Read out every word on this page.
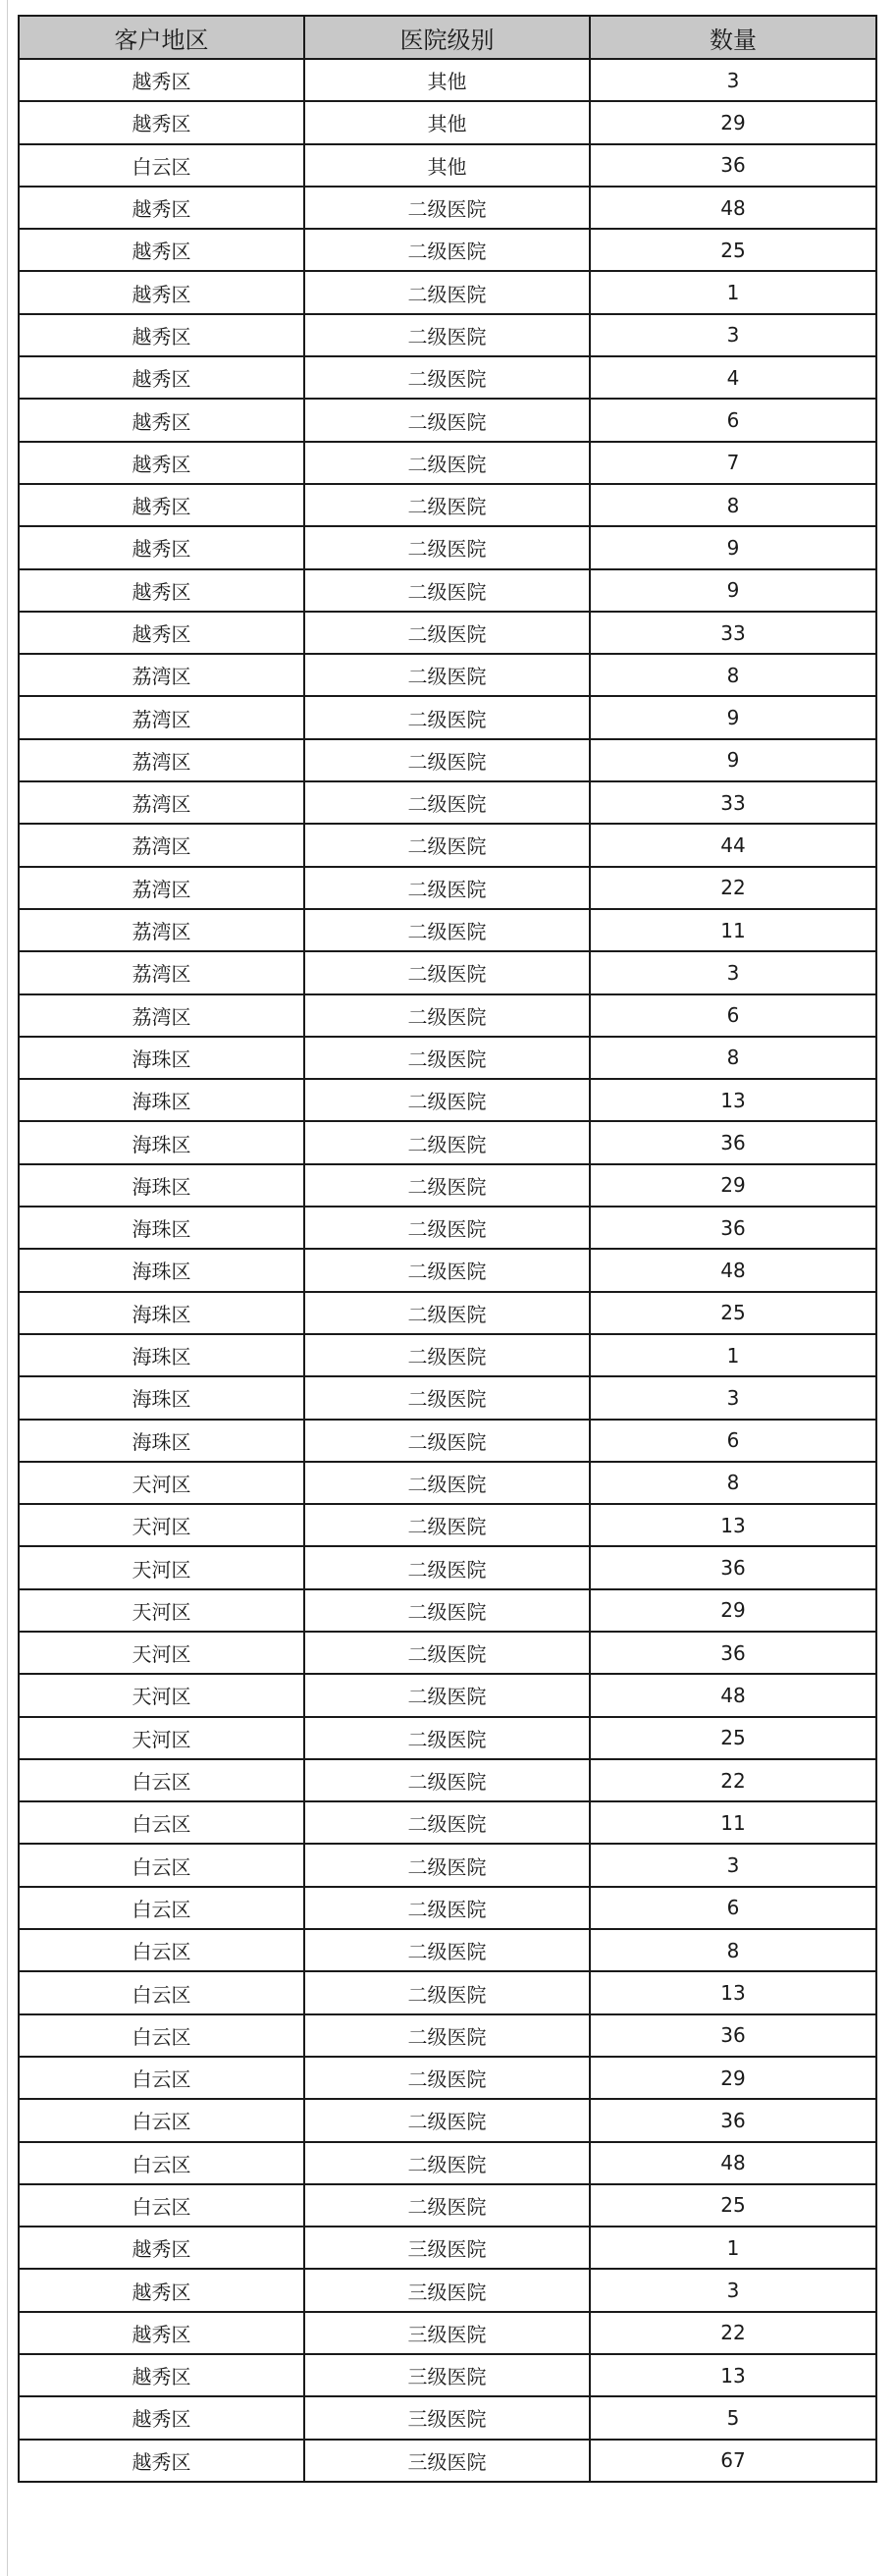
客户地区	医院级别	数量
越秀区	其他	3
越秀区	其他	29
白云区	其他	36
越秀区	二级医院	48
越秀区	二级医院	25
越秀区	二级医院	1
越秀区	二级医院	3
越秀区	二级医院	4
越秀区	二级医院	6
越秀区	二级医院	7
越秀区	二级医院	8
越秀区	二级医院	9
越秀区	二级医院	9
越秀区	二级医院	33
荔湾区	二级医院	8
荔湾区	二级医院	9
荔湾区	二级医院	9
荔湾区	二级医院	33
荔湾区	二级医院	44
荔湾区	二级医院	22
荔湾区	二级医院	11
荔湾区	二级医院	3
荔湾区	二级医院	6
海珠区	二级医院	8
海珠区	二级医院	13
海珠区	二级医院	36
海珠区	二级医院	29
海珠区	二级医院	36
海珠区	二级医院	48
海珠区	二级医院	25
海珠区	二级医院	1
海珠区	二级医院	3
海珠区	二级医院	6
天河区	二级医院	8
天河区	二级医院	13
天河区	二级医院	36
天河区	二级医院	29
天河区	二级医院	36
天河区	二级医院	48
天河区	二级医院	25
白云区	二级医院	22
白云区	二级医院	11
白云区	二级医院	3
白云区	二级医院	6
白云区	二级医院	8
白云区	二级医院	13
白云区	二级医院	36
白云区	二级医院	29
白云区	二级医院	36
白云区	二级医院	48
白云区	二级医院	25
越秀区	三级医院	1
越秀区	三级医院	3
越秀区	三级医院	22
越秀区	三级医院	13
越秀区	三级医院	5
越秀区	三级医院	67
